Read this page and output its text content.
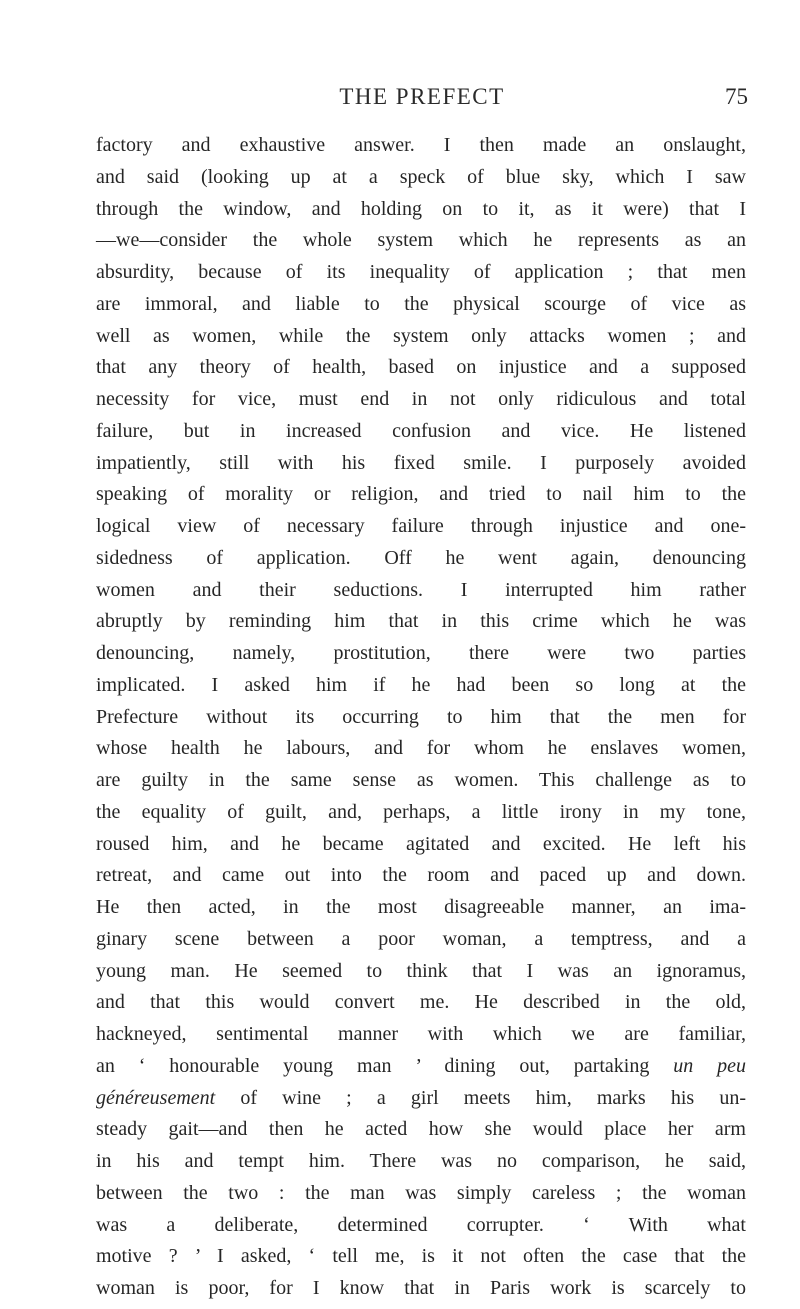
THE PREFECT	75
factory and exhaustive answer. I then made an onslaught,
and said (looking up at a speck of blue sky, which I saw
through the window, and holding on to it, as it were) that I
—we—consider the whole system which he represents as an
absurdity, because of its inequality of application ; that men
are immoral, and liable to the physical scourge of vice as
well as women, while the system only attacks women ; and
that any theory of health, based on injustice and a supposed
necessity for vice, must end in not only ridiculous and total
failure, but in increased confusion and vice. He listened
impatiently, still with his fixed smile. I purposely avoided
speaking of morality or religion, and tried to nail him to the
logical view of necessary failure through injustice and one-
sidedness of application. Off he went again, denouncing
women and their seductions. I interrupted him rather
abruptly by reminding him that in this crime which he was
denouncing, namely, prostitution, there were two parties
implicated. I asked him if he had been so long at the
Prefecture without its occurring to him that the men for
whose health he labours, and for whom he enslaves women,
are guilty in the same sense as women. This challenge as to
the equality of guilt, and, perhaps, a little irony in my tone,
roused him, and he became agitated and excited. He left his
retreat, and came out into the room and paced up and down.
He then acted, in the most disagreeable manner, an ima-
ginary scene between a poor woman, a temptress, and a
young man. He seemed to think that I was an ignoramus,
and that this would convert me. He described in the old,
hackneyed, sentimental manner with which we are familiar,
an ‘ honourable young man ’ dining out, partaking un peu
généreusement of wine ; a girl meets him, marks his un-
steady gait—and then he acted how she would place her arm
in his and tempt him. There was no comparison, he said,
between the two : the man was simply careless ; the woman
was a deliberate, determined corrupter. ‘ With what
motive ? ’ I asked, ‘ tell me, is it not often the case that the
woman is poor, for I know that in Paris work is scarcely to
